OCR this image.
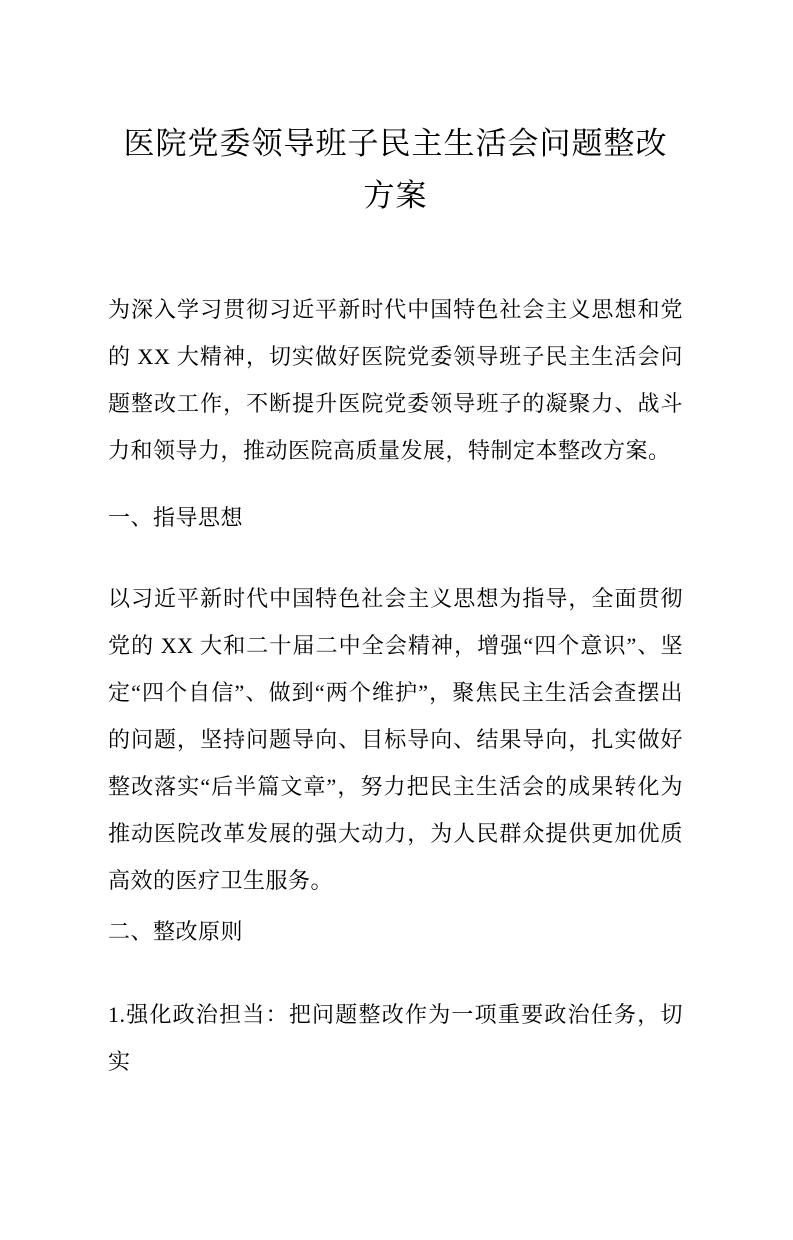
医院党委领导班子民主生活会问题整改方案

为深入学习贯彻习近平新时代中国特色社会主义思想和党的 XX 大精神，切实做好医院党委领导班子民主生活会问题整改工作，不断提升医院党委领导班子的凝聚力、战斗力和领导力，推动医院高质量发展，特制定本整改方案。

一、指导思想

以习近平新时代中国特色社会主义思想为指导，全面贯彻党的 XX 大和二十届二中全会精神，增强“四个意识”、坚定“四个自信”、做到“两个维护”，聚焦民主生活会查摆出的问题，坚持问题导向、目标导向、结果导向，扎实做好整改落实“后半篇文章”，努力把民主生活会的成果转化为推动医院改革发展的强大动力，为人民群众提供更加优质高效的医疗卫生服务。

二、整改原则

1.强化政治担当：把问题整改作为一项重要政治任务，切实
